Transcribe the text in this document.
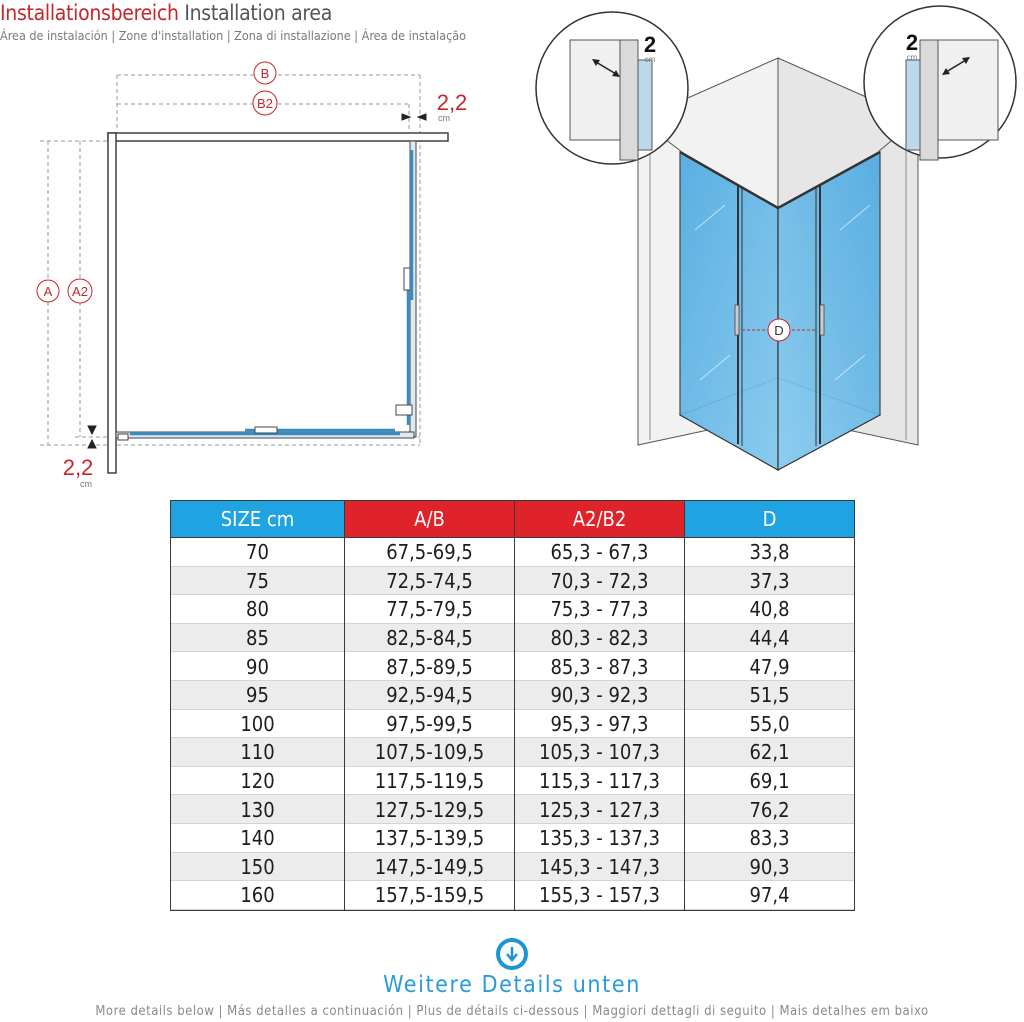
Installationsbereich Installation area
Área de instalación | Zone d'installation | Zona di installazione | Área de instalação
B
B2
A A2
2,2
cm
2,2
cm
D
2
cm
2
cm
SIZE cm	A/B	A2/B2	D
70	67,5-69,5	65,3 - 67,3	33,8
75	72,5-74,5	70,3 - 72,3	37,3
80	77,5-79,5	75,3 - 77,3	40,8
85	82,5-84,5	80,3 - 82,3	44,4
90	87,5-89,5	85,3 - 87,3	47,9
95	92,5-94,5	90,3 - 92,3	51,5
100	97,5-99,5	95,3 - 97,3	55,0
110	107,5-109,5	105,3 - 107,3	62,1
120	117,5-119,5	115,3 - 117,3	69,1
130	127,5-129,5	125,3 - 127,3	76,2
140	137,5-139,5	135,3 - 137,3	83,3
150	147,5-149,5	145,3 - 147,3	90,3
160	157,5-159,5	155,3 - 157,3	97,4
Weitere Details unten
More details below | Más detalles a continuación | Plus de détails ci-dessous | Maggiori dettagli di seguito | Mais detalhes em baixo
